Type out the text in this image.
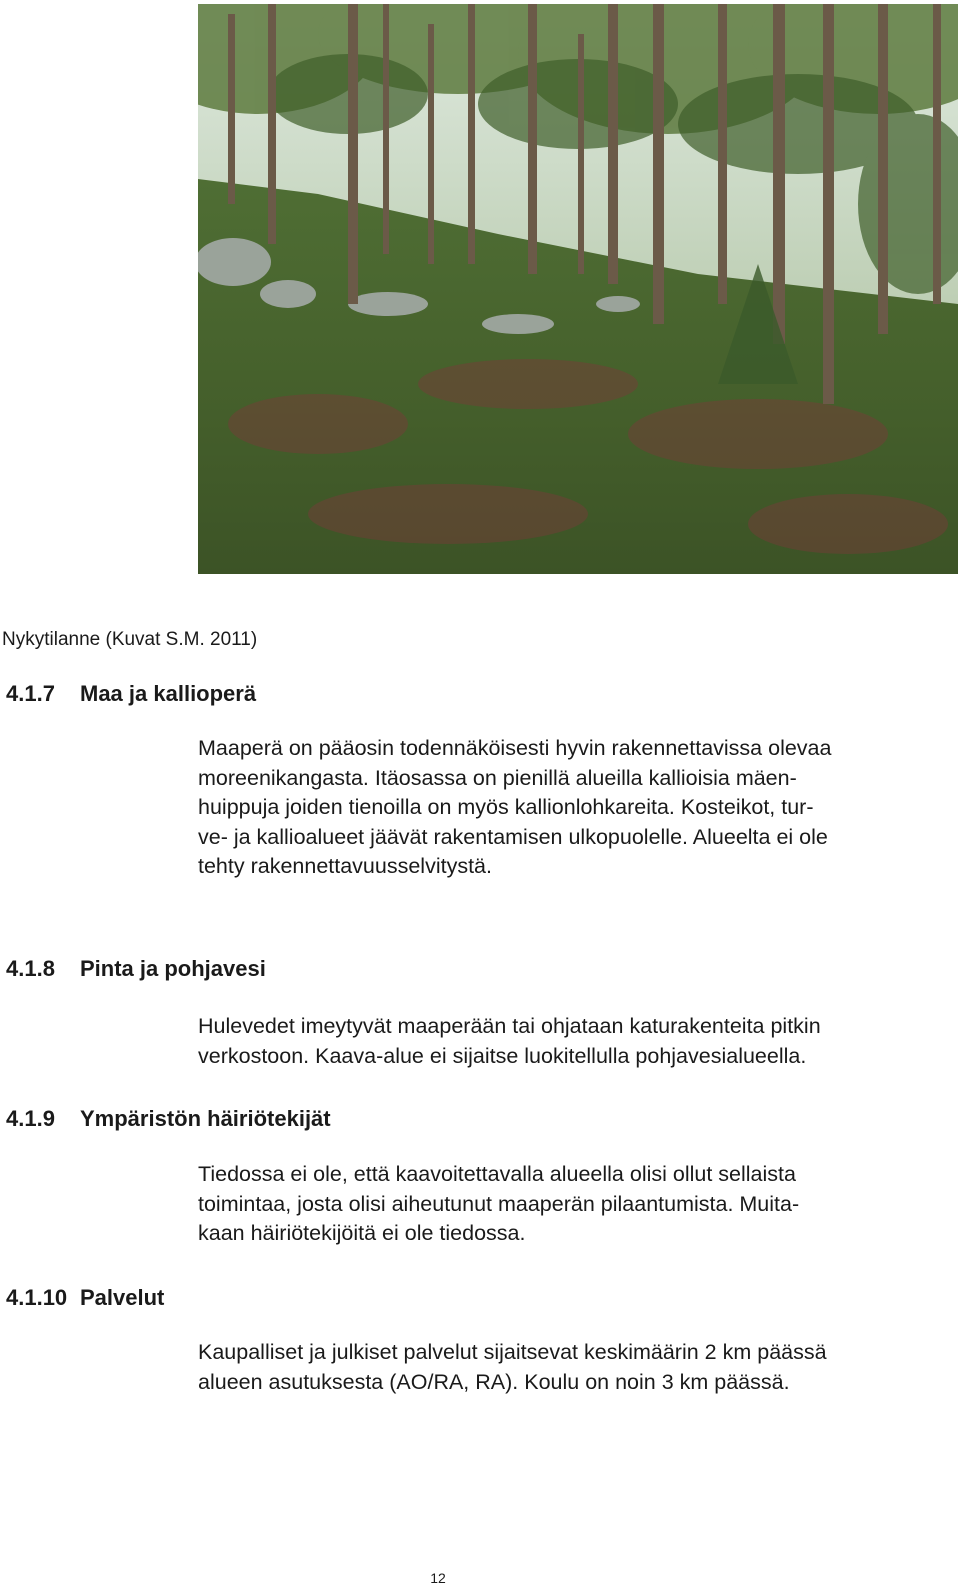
Nykytilanne (Kuvat S.M. 2011)
4.1.7 Maa ja kallioperä

Maaperä on pääosin todennäköisesti hyvin rakennettavissa olevaa
moreenikangasta. Itäosassa on pienillä alueilla kallioisia mäen-
huippuja joiden tienoilla on myös kallionlohkareita. Kosteikot, tur-
ve- ja kallioalueet jäävät rakentamisen ulkopuolelle. Alueelta ei ole
tehty rakennettavuusselvitystä.

4.1.8 Pinta ja pohjavesi

Hulevedet imeytyvät maaperään tai ohjataan katurakenteita pitkin
verkostoon. Kaava-alue ei sijaitse luokitellulla pohjavesialueella.

4.1.9 Ympäristön häiriötekijät

Tiedossa ei ole, että kaavoitettavalla alueella olisi ollut sellaista
toimintaa, josta olisi aiheutunut maaperän pilaantumista. Muita-
kaan häiriötekijöitä ei ole tiedossa.

4.1.10 Palvelut

Kaupalliset ja julkiset palvelut sijaitsevat keskimäärin 2 km päässä
alueen asutuksesta (AO/RA, RA). Koulu on noin 3 km päässä.

12
